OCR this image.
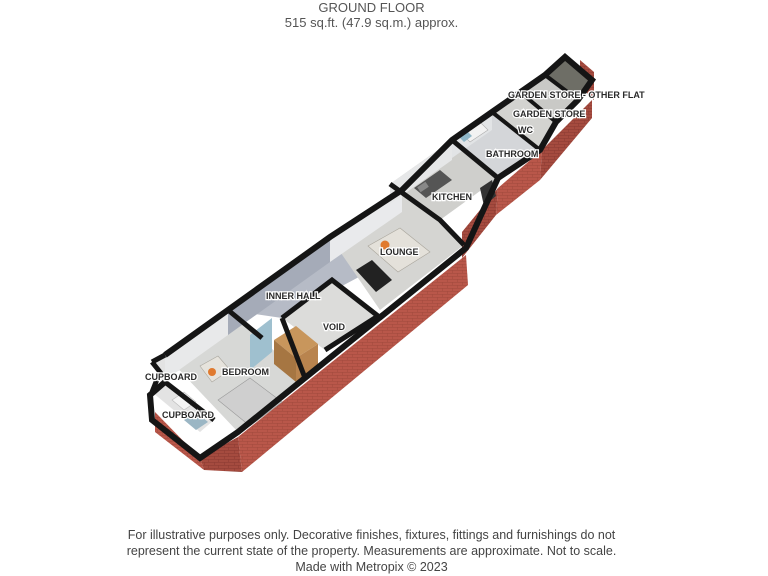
GROUND FLOOR
515 sq.ft. (47.9 sq.m.) approx.
GARDEN STORE - OTHER FLAT
GARDEN STORE
WC
BATHROOM
KITCHEN
LOUNGE
INNER HALL
VOID
BEDROOM
CUPBOARD
CUPBOARD
For illustrative purposes only. Decorative finishes, fixtures, fittings and furnishings do not
represent the current state of the property. Measurements are approximate. Not to scale.
Made with Metropix © 2023
